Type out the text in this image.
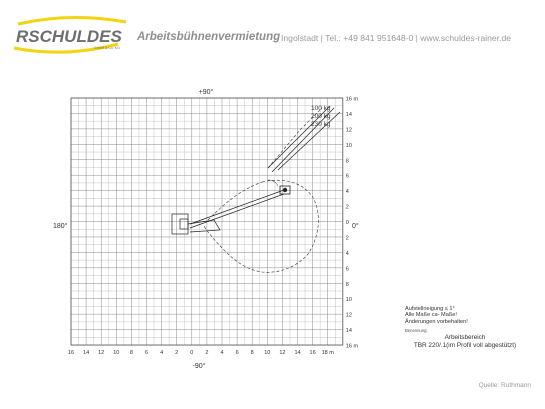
RSCHULDES
GmbH & Co. KG
Arbeitsbühnenvermietung Ingolstadt | Tel.: +49 841 951648-0 | www.schuldes-rainer.de
16 m
14
12
10
8
6
4
2
0
2
4
6
8
10
12
14
16 m
16 14 12 10 8 6 4 2 0 2 4 6 8 10 12 14 16 18 m
+90°
-90°
180°	0°
100 kg
200 kg
230 kg
Aufstellneigung ≤ 1°
Alle Maße ca- Maße!
Änderungen vorbehalten!
Benennung:
Arbeitsbereich
TBR 220/.1(im Profil voll abgestützt)
Quelle: Ruthmann
